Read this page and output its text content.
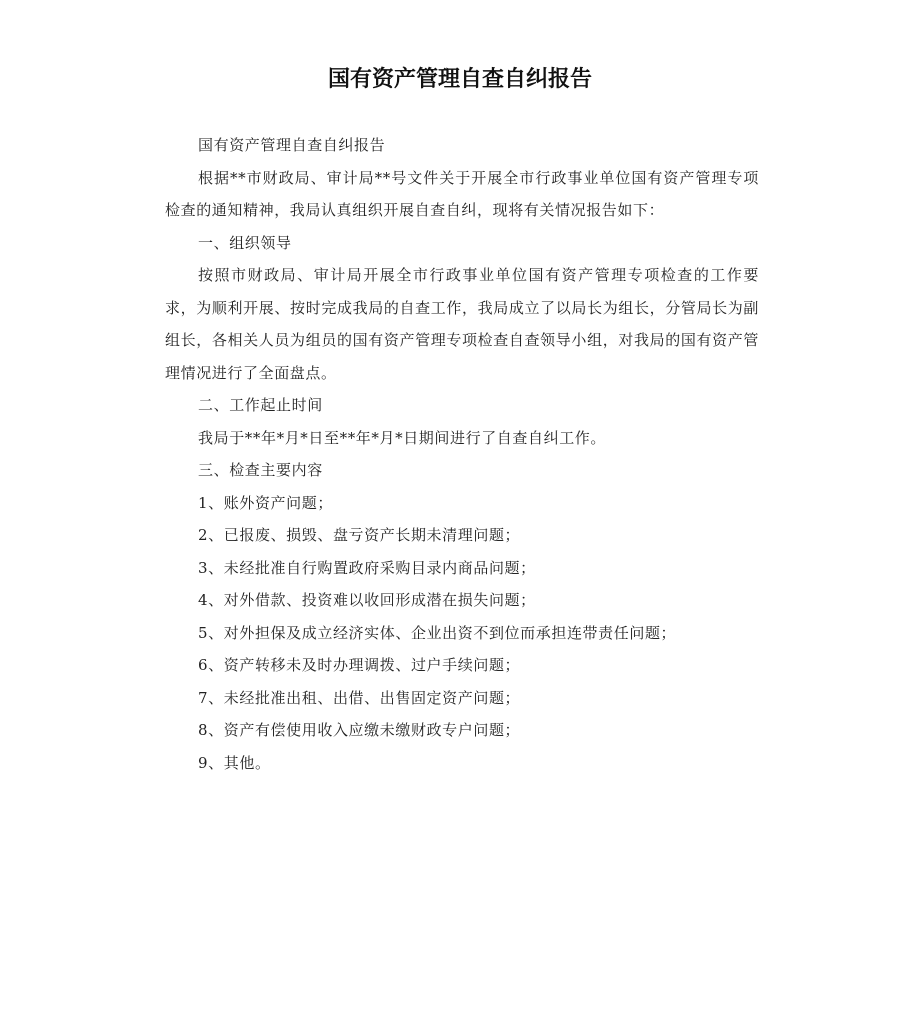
国有资产管理自查自纠报告

国有资产管理自查自纠报告

根据**市财政局、审计局**号文件关于开展全市行政事业单位国有资产管理专项检查的通知精神，我局认真组织开展自查自纠，现将有关情况报告如下：

一、组织领导

按照市财政局、审计局开展全市行政事业单位国有资产管理专项检查的工作要求，为顺利开展、按时完成我局的自查工作，我局成立了以局长为组长，分管局长为副组长，各相关人员为组员的国有资产管理专项检查自查领导小组，对我局的国有资产管理情况进行了全面盘点。

二、工作起止时间

我局于**年*月*日至**年*月*日期间进行了自查自纠工作。

三、检查主要内容

1、账外资产问题；

2、已报废、损毁、盘亏资产长期未清理问题；

3、未经批准自行购置政府采购目录内商品问题；

4、对外借款、投资难以收回形成潜在损失问题；

5、对外担保及成立经济实体、企业出资不到位而承担连带责任问题；

6、资产转移未及时办理调拨、过户手续问题；

7、未经批准出租、出借、出售固定资产问题；

8、资产有偿使用收入应缴未缴财政专户问题；

9、其他。
